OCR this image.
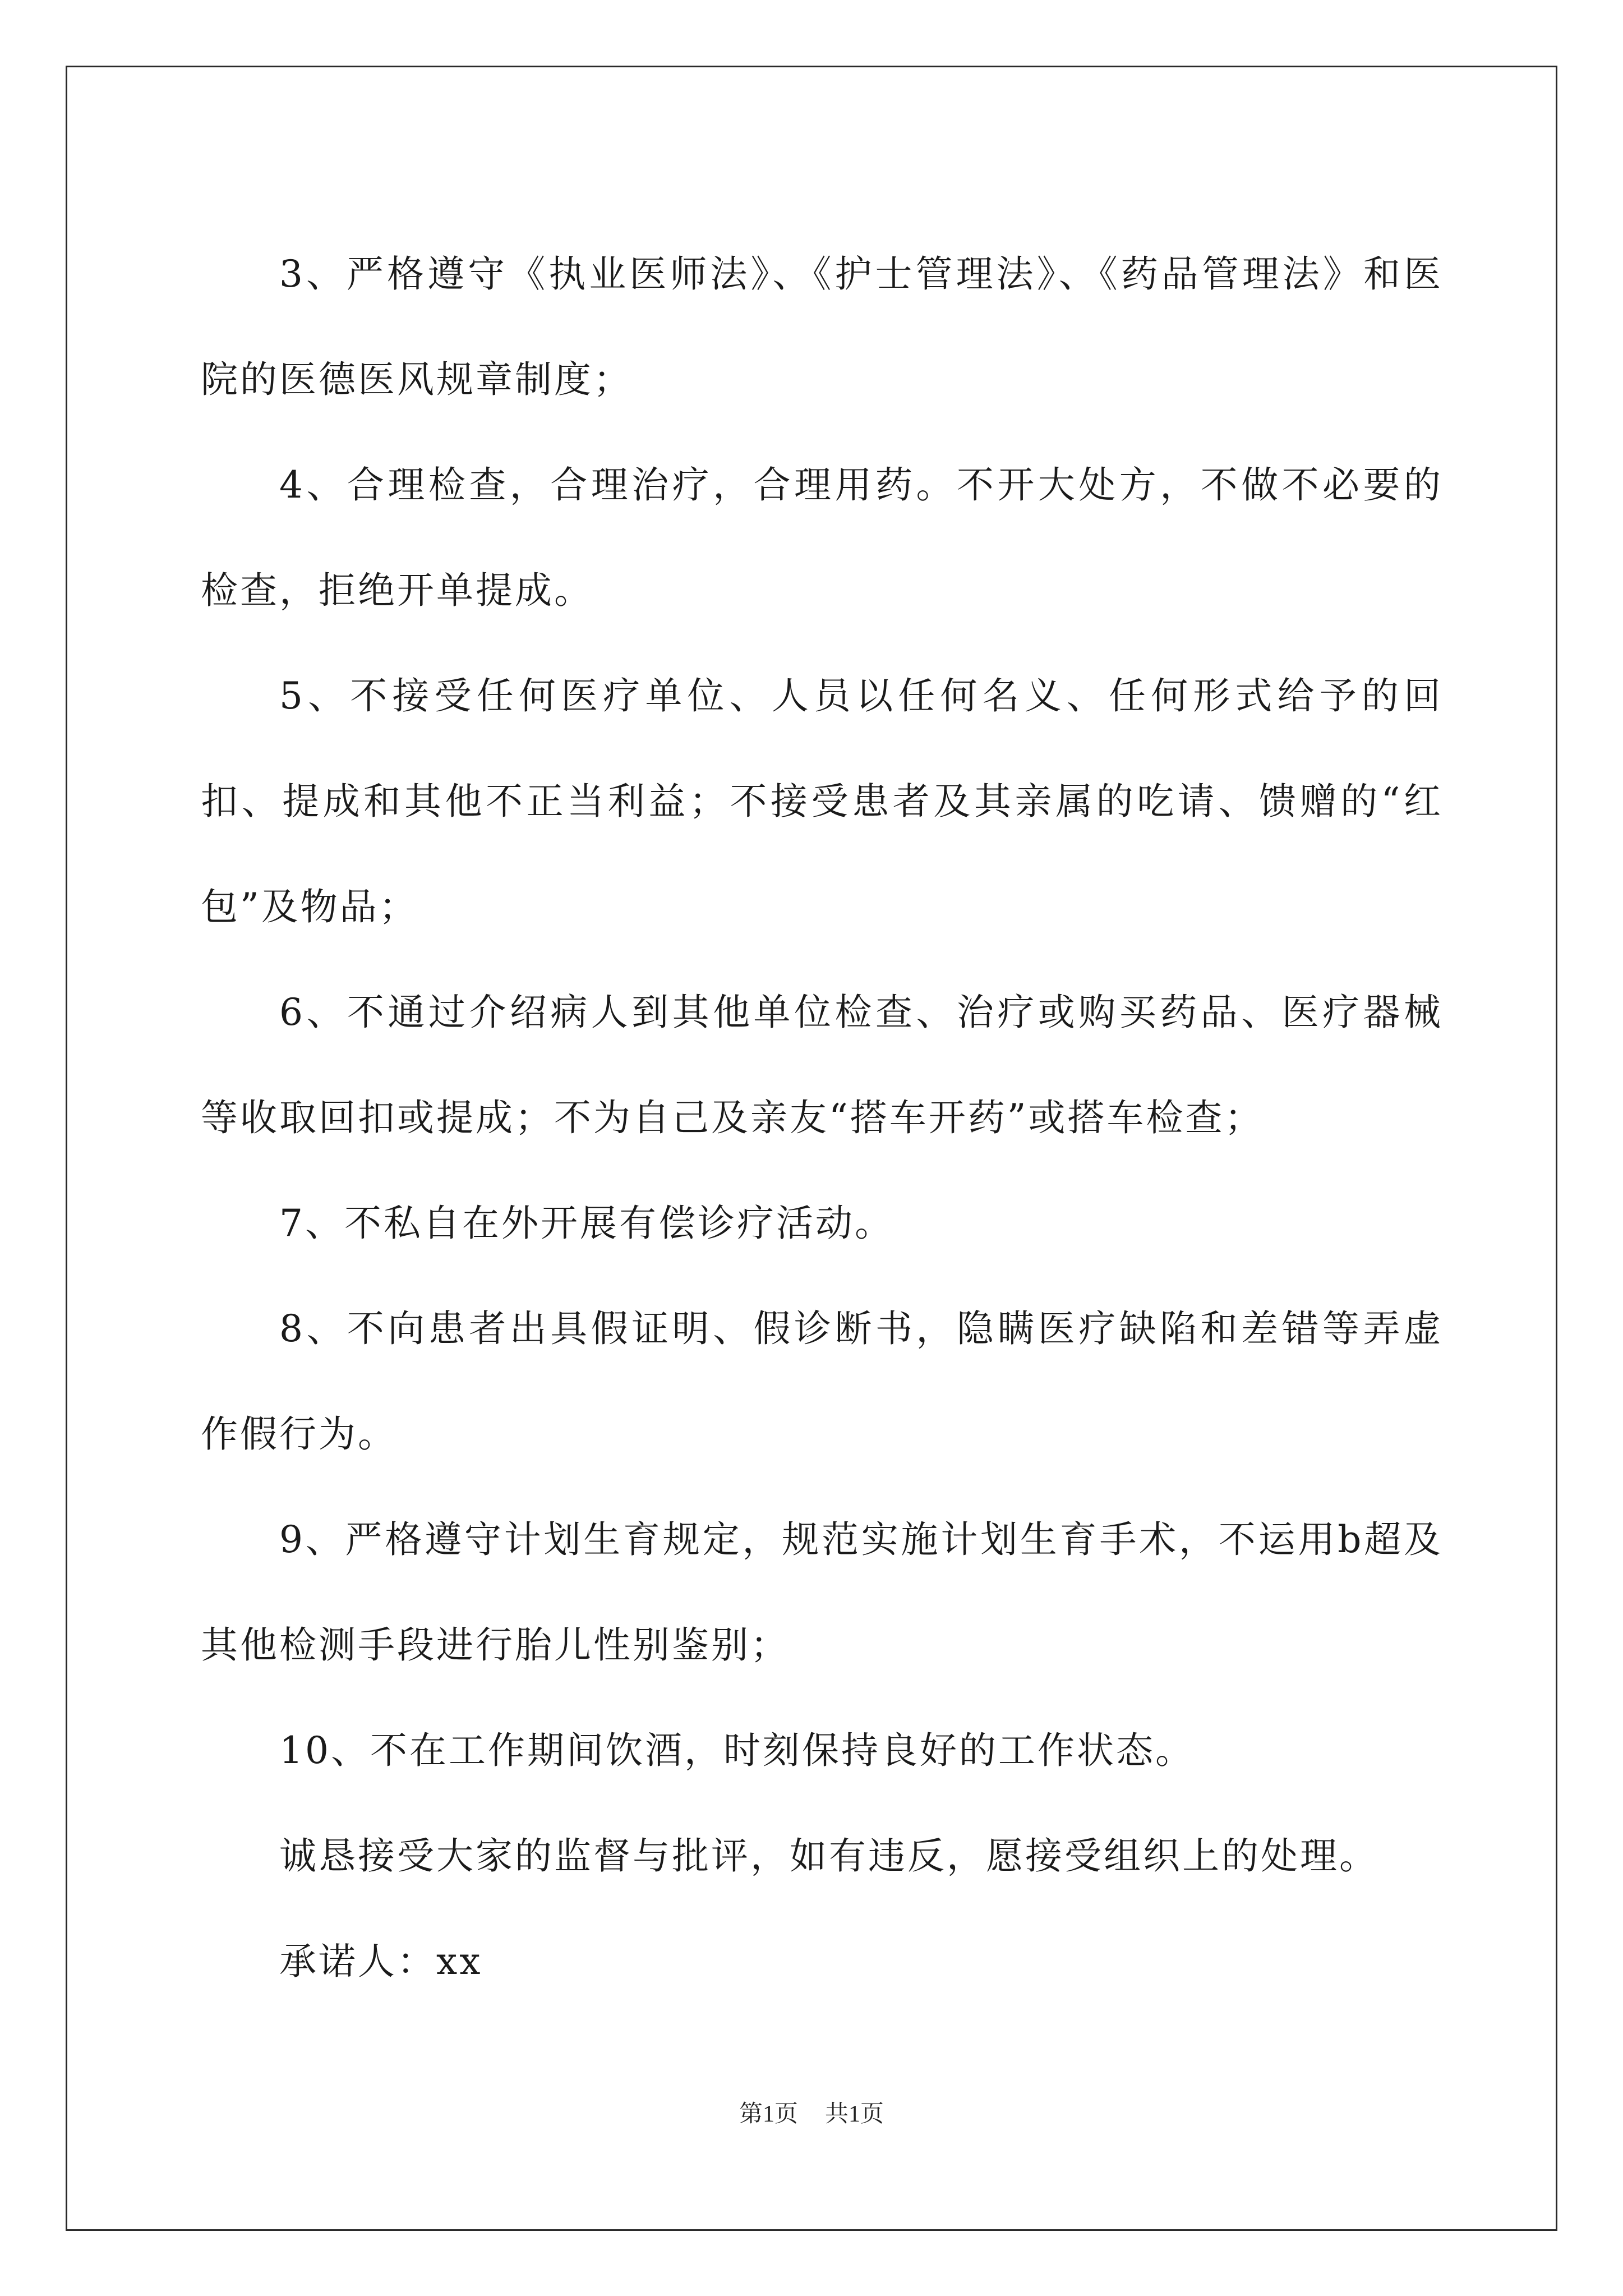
3、严格遵守《执业医师法》、《护士管理法》、《药品管理法》和医院的医德医风规章制度；

4、合理检查，合理治疗，合理用药。不开大处方，不做不必要的检查，拒绝开单提成。

5、不接受任何医疗单位、人员以任何名义、任何形式给予的回扣、提成和其他不正当利益；不接受患者及其亲属的吃请、馈赠的“红包”及物品；

6、不通过介绍病人到其他单位检查、治疗或购买药品、医疗器械等收取回扣或提成；不为自己及亲友“搭车开药”或搭车检查；

7、不私自在外开展有偿诊疗活动。

8、不向患者出具假证明、假诊断书，隐瞒医疗缺陷和差错等弄虚作假行为。

9、严格遵守计划生育规定，规范实施计划生育手术，不运用b超及其他检测手段进行胎儿性别鉴别；

10、不在工作期间饮酒，时刻保持良好的工作状态。

诚恳接受大家的监督与批评，如有违反，愿接受组织上的处理。

承诺人：xx

第1页 共1页
